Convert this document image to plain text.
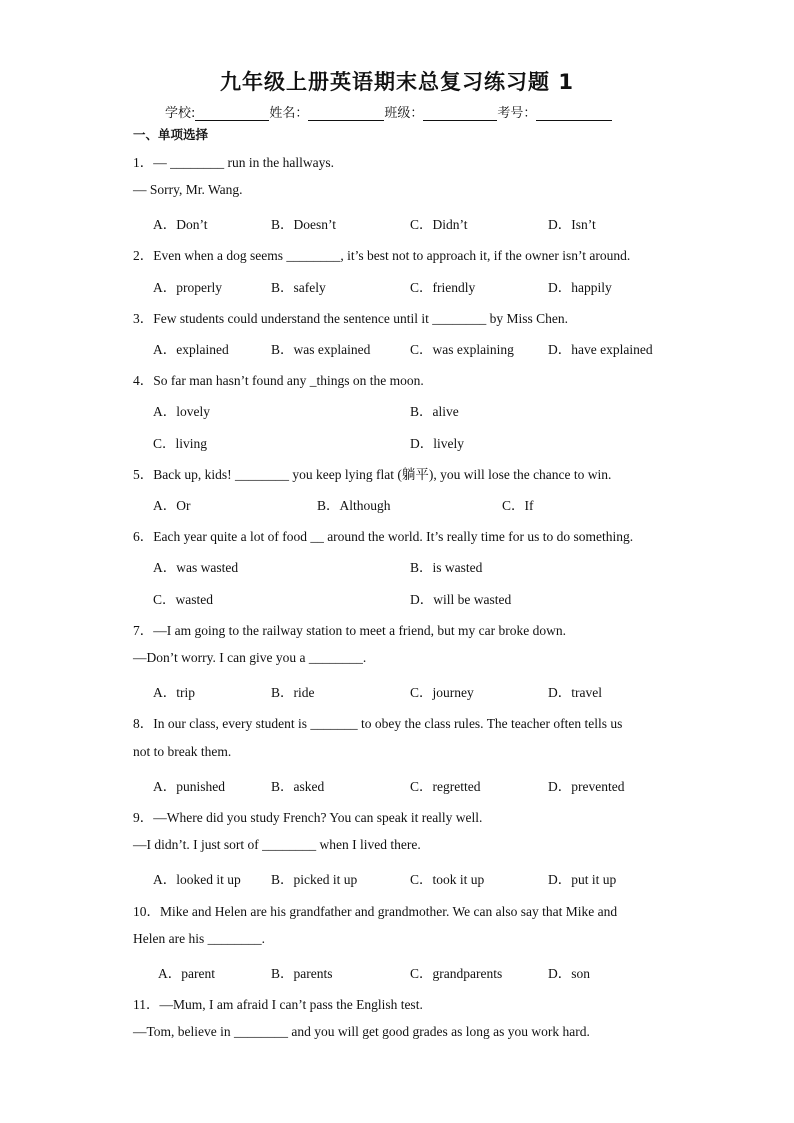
九年级上册英语期末总复习练习题 1
学校:	姓名：	班级：	考号：
一、单项选择
1．— ________ run in the hallways.
— Sorry, Mr. Wang.
A．Don’t	B．Doesn’t	C．Didn’t	D．Isn’t
2．Even when a dog seems ________, it’s best not to approach it, if the owner isn’t around.
A．properly	B．safely	C．friendly	D．happily
3．Few students could understand the sentence until it ________ by Miss Chen.
A．explained	B．was explained	C．was explaining	D．have explained
4．So far man hasn’t found any _things on the moon.
A．lovely	B．alive
C．living	D．lively
5．Back up, kids! ________ you keep lying flat (躺平), you will lose the chance to win.
A．Or	B．Although	C．If
6．Each year quite a lot of food __ around the world. It’s really time for us to do something.
A．was wasted	B．is wasted
C．wasted	D．will be wasted
7．—I am going to the railway station to meet a friend, but my car broke down.
—Don’t worry. I can give you a ________.
A．trip	B．ride	C．journey	D．travel
8．In our class, every student is _______ to obey the class rules. The teacher often tells us
not to break them.
A．punished	B．asked	C．regretted	D．prevented
9．—Where did you study French? You can speak it really well.
—I didn’t. I just sort of ________ when I lived there.
A．looked it up B．picked it up	C．took it up	D．put it up
10．Mike and Helen are his grandfather and grandmother. We can also say that Mike and
Helen are his ________.
A．parent	B．parents	C．grandparents	D．son
11．—Mum, I am afraid I can’t pass the English test.
—Tom, believe in ________ and you will get good grades as long as you work hard.
